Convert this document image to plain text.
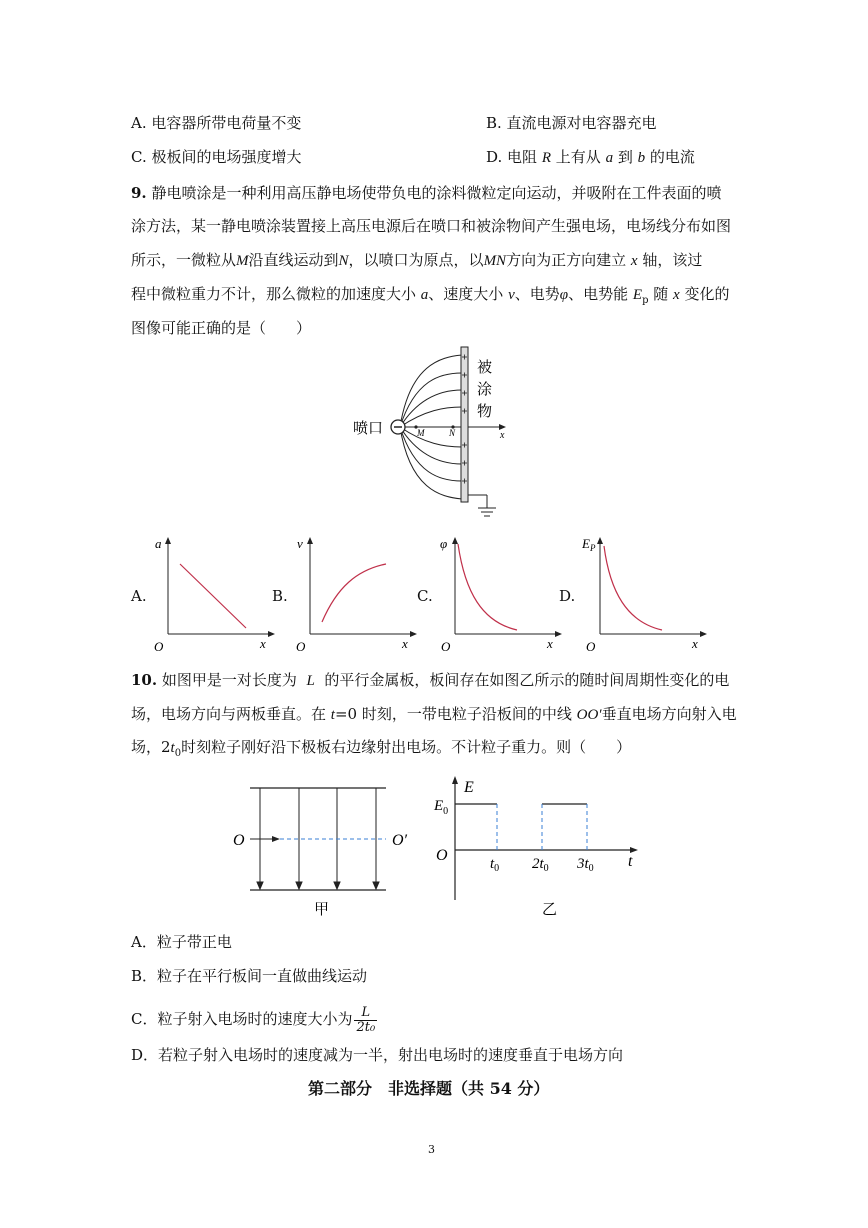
A. 电容器所带电荷量不变	B. 直流电源对电容器充电
C. 极板间的电场强度增大	D. 电阻 R 上有从 a 到 b 的电流
9. 静电喷涂是一种利用高压静电场使带负电的涂料微粒定向运动，并吸附在工件表面的喷
涂方法，某一静电喷涂装置接上高压电源后在喷口和被涂物间产生强电场，电场线分布如图
所示，一微粒从M沿直线运动到N，以喷口为原点，以MN方向为正方向建立 x 轴，该过
程中微粒重力不计，那么微粒的加速度大小 a、速度大小 v、电势φ、电势能 $E_p$ 随 x 变化的
图像可能正确的是（　　）
喷口	M	N	x
被
涂
物
A.
a
x
O
B.
v
x
O
C.
φ
x
O
D.
$E_P$
x
O
10. 如图甲是一对长度为 L 的平行金属板，板间存在如图乙所示的随时间周期性变化的电
场，电场方向与两板垂直。在 t=0 时刻，一带电粒子沿板间的中线 OO′垂直电场方向射入电
场，$2t_0$时刻粒子刚好沿下极板右边缘射出电场。不计粒子重力。则（　　）
O	O′
甲
E
$E_0$
O	t
$t_0$ $2t_0$ $3t_0$
乙
A．粒子带正电
B．粒子在平行板间一直做曲线运动
C．粒子射入电场时的速度大小为 $\frac{L}{\text{2t₀}}$
D．若粒子射入电场时的速度减为一半，射出电场时的速度垂直于电场方向
第二部分　非选择题（共 54 分）
3
